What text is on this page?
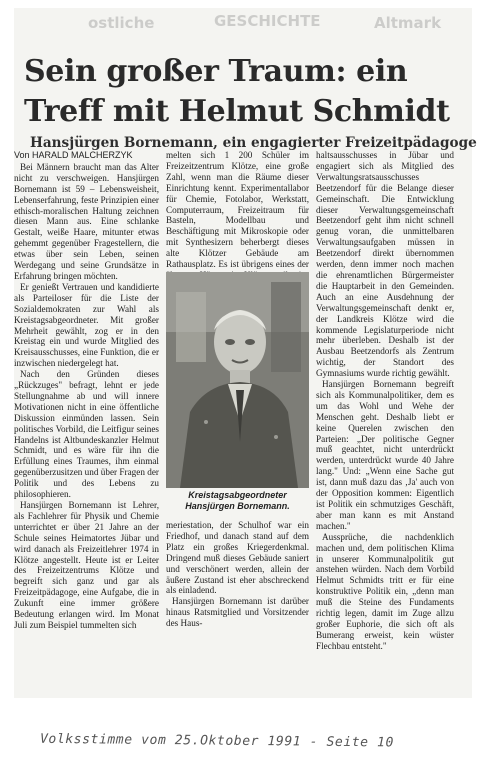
ostliche	GESCHICHTE	Altmark
Sein großer Traum: ein Treff mit Helmut Schmidt
Hansjürgen Bornemann, ein engagierter Freizeitpädagoge

Von HARALD MALCHERZYK

Bei Männern braucht man das Alter nicht zu verschweigen. Hansjürgen Bornemann ist 59 – Lebensweisheit, Lebenserfahrung, feste Prinzipien einer ethisch-moralischen Haltung zeichnen diesen Mann aus. Eine schlanke Gestalt, weiße Haare, mitunter etwas gehemmt gegenüber Fragestellern, die etwas über sein Leben, seinen Werdegang und seine Grundsätze in Erfahrung bringen möchten.

Er genießt Vertrauen und kandidierte als Parteiloser für die Liste der Sozialdemokraten zur Wahl als Kreistagsabgeordneter. Mit großer Mehrheit gewählt, zog er in den Kreistag ein und wurde Mitglied des Kreisausschusses, eine Funktion, die er inzwischen niedergelegt hat.

Nach den Gründen dieses „Rückzuges" befragt, lehnt er jede Stellungnahme ab und will innere Motivationen nicht in eine öffentliche Diskussion einmünden lassen. Sein politisches Vorbild, die Leitfigur seines Handelns ist Altbundeskanzler Helmut Schmidt, und es wäre für ihn die Erfüllung eines Traumes, ihm einmal gegenüberzusitzen und über Fragen der Politik und des Lebens zu philosophieren.

Hansjürgen Bornemann ist Lehrer, als Fachlehrer für Physik und Chemie unterrichtet er über 21 Jahre an der Schule seines Heimatortes Jübar und wird danach als Freizeitlehrer 1974 in Klötze angestellt. Heute ist er Leiter des Freizeitzentrums Klötze und begreift sich ganz und gar als Freizeitpädagoge, eine Aufgabe, die in Zukunft eine immer größere Bedeutung erlangen wird. Im Monat Juli zum Beispiel tummelten sich

melten sich 1 200 Schüler im Freizeitzentrum Klötze, eine große Zahl, wenn man die Räume dieser Einrichtung kennt. Experimentallabor für Chemie, Fotolabor, Werkstatt, Computerraum, Freizeitraum für Basteln, Modellbau und Beschäftigung mit Mikroskopie oder mit Synthesizern beherbergt dieses alte Klötzer Gebäude am Rathausplatz. Es ist übrigens eines der

Kreistagsabgeordneter Hansjürgen Bornemann.

meriestation, der Schulhof war ein Friedhof, und danach stand auf dem Platz ein großes Kriegerdenkmal. Dringend muß dieses Gebäude saniert und verschönert werden, allein der äußere Zustand ist eher abschreckend als einladend.

Hansjürgen Bornemann ist darüber hinaus Ratsmitglied und Vorsitzender des Haus-

haltsausschusses in Jübar und engagiert sich als Mitglied des Verwaltungsratsausschusses Beetzendorf für die Belange dieser Gemeinschaft. Die Entwicklung dieser Verwaltungsgemeinschaft Beetzendorf geht ihm nicht schnell genug voran, die unmittelbaren Verwaltungsaufgaben müssen in Beetzendorf direkt übernommen werden, denn immer noch machen die ehrenamtlichen Bürgermeister die Hauptarbeit in den Gemeinden. Auch an eine Ausdehnung der Verwaltungsgemeinschaft denkt er, der Landkreis Klötze wird die kommende Legislaturperiode nicht mehr überleben. Deshalb ist der Ausbau Beetzendorfs als Zentrum wichtig, der Standort des Gymnasiums wurde richtig gewählt.

Hansjürgen Bornemann begreift sich als Kommunalpolitiker, dem es um das Wohl und Wehe der Menschen geht. Deshalb liebt er keine Querelen zwischen den Parteien: „Der politische Gegner muß geachtet, nicht unterdrückt werden, unterdrückt wurde 40 Jahre lang." Und: „Wenn eine Sache gut ist, dann muß dazu das ‚Ja' auch von der Opposition kommen: Eigentlich ist Politik ein schmutziges Geschäft, aber man kann es mit Anstand machen."

Aussprüche, die nachdenklich machen und, dem politischen Klima in unserer Kommunalpolitik gut anstehen würden. Nach dem Vorbild Helmut Schmidts tritt er für eine konstruktive Politik ein, „denn man muß die Steine des Fundaments richtig legen, damit im Zuge allzu großer Euphorie, die sich oft als Bumerang erweist, kein wüster Flechbau entsteht."

Volksstimme vom 25.Oktober 1991 - Seite 10
